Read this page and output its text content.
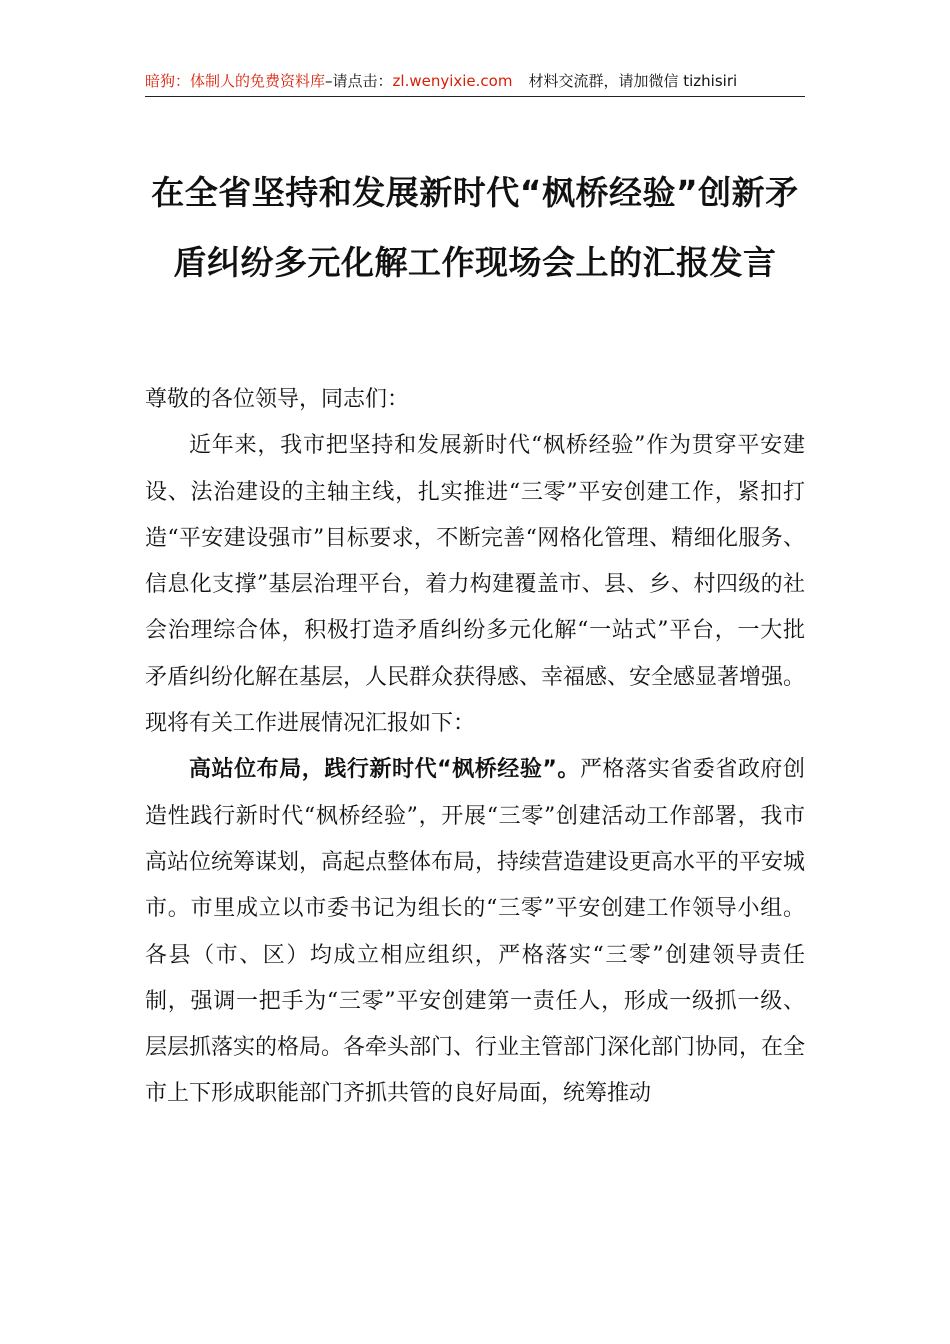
暗狗：体制人的免费资料库–请点击：zl.wenyixie.com 材料交流群，请加微信 tizhisiri
在全省坚持和发展新时代“枫桥经验”创新矛盾纠纷多元化解工作现场会上的汇报发言

尊敬的各位领导，同志们：

近年来，我市把坚持和发展新时代“枫桥经验”作为贯穿平安建设、法治建设的主轴主线，扎实推进“三零”平安创建工作，紧扣打造“平安建设强市”目标要求，不断完善“网格化管理、精细化服务、信息化支撑”基层治理平台，着力构建覆盖市、县、乡、村四级的社会治理综合体，积极打造矛盾纠纷多元化解“一站式”平台，一大批矛盾纠纷化解在基层，人民群众获得感、幸福感、安全感显著增强。现将有关工作进展情况汇报如下：

高站位布局，践行新时代“枫桥经验”。严格落实省委省政府创造性践行新时代“枫桥经验”，开展“三零”创建活动工作部署，我市高站位统筹谋划，高起点整体布局，持续营造建设更高水平的平安城市。市里成立以市委书记为组长的“三零”平安创建工作领导小组。各县（市、区）均成立相应组织，严格落实“三零”创建领导责任制，强调一把手为“三零”平安创建第一责任人，形成一级抓一级、层层抓落实的格局。各牵头部门、行业主管部门深化部门协同，在全市上下形成职能部门齐抓共管的良好局面，统筹推动
